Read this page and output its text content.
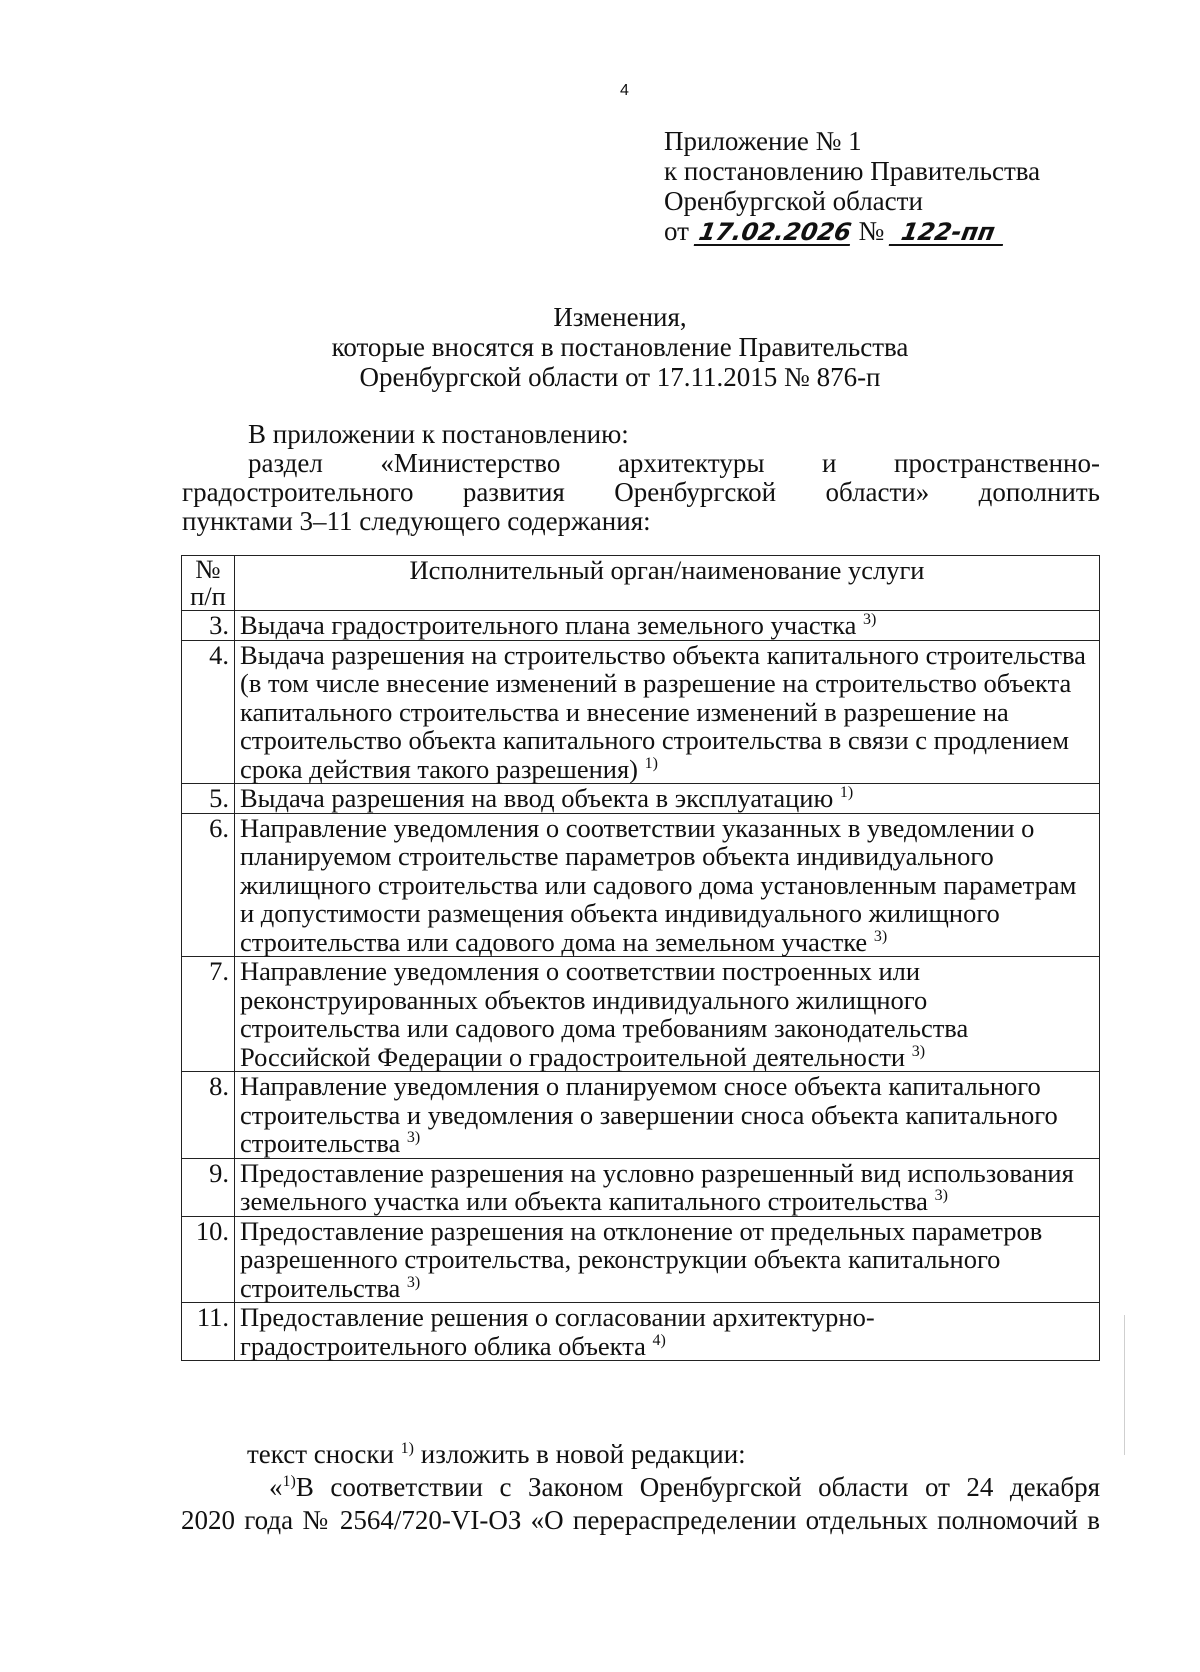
4
Приложение № 1
к постановлению Правительства
Оренбургской области
от 17.02.2026 № 122-пп
Изменения,
которые вносятся в постановление Правительства
Оренбургской области от 17.11.2015 № 876-п
В приложении к постановлению:
раздел «Министерство архитектуры и пространственно-
градостроительного развития Оренбургской области» дополнить
пунктами 3–11 следующего содержания:
№
п/п	Исполнительный орган/наименование услуги
3.	Выдача градостроительного плана земельного участка $^{3)}$
4.	Выдача разрешения на строительство объекта капитального строительства (в том числе внесение изменений в разрешение на строительство объекта капитального строительства и внесение изменений в разрешение на строительство объекта капитального строительства в связи с продлением срока действия такого разрешения) $^{1)}$
5.	Выдача разрешения на ввод объекта в эксплуатацию $^{1)}$
6.	Направление уведомления о соответствии указанных в уведомлении о планируемом строительстве параметров объекта индивидуального жилищного строительства или садового дома установленным параметрам и допустимости размещения объекта индивидуального жилищного строительства или садового дома на земельном участке $^{3)}$
7.	Направление уведомления о соответствии построенных или реконструированных объектов индивидуального жилищного строительства или садового дома требованиям законодательства Российской Федерации о градостроительной деятельности $^{3)}$
8.	Направление уведомления о планируемом сносе объекта капитального строительства и уведомления о завершении сноса объекта капитального строительства $^{3)}$
9.	Предоставление разрешения на условно разрешенный вид использования земельного участка или объекта капитального строительства $^{3)}$
10.	Предоставление разрешения на отклонение от предельных параметров разрешенного строительства, реконструкции объекта капитального строительства $^{3)}$
11.	Предоставление решения о согласовании архитектурно-градостроительного облика объекта $^{4)}$
текст сноски $^{1)}$ изложить в новой редакции:
«$^{1)}$В соответствии с Законом Оренбургской области от 24 декабря
2020 года № 2564/720-VI-ОЗ «О перераспределении отдельных полномочий в
